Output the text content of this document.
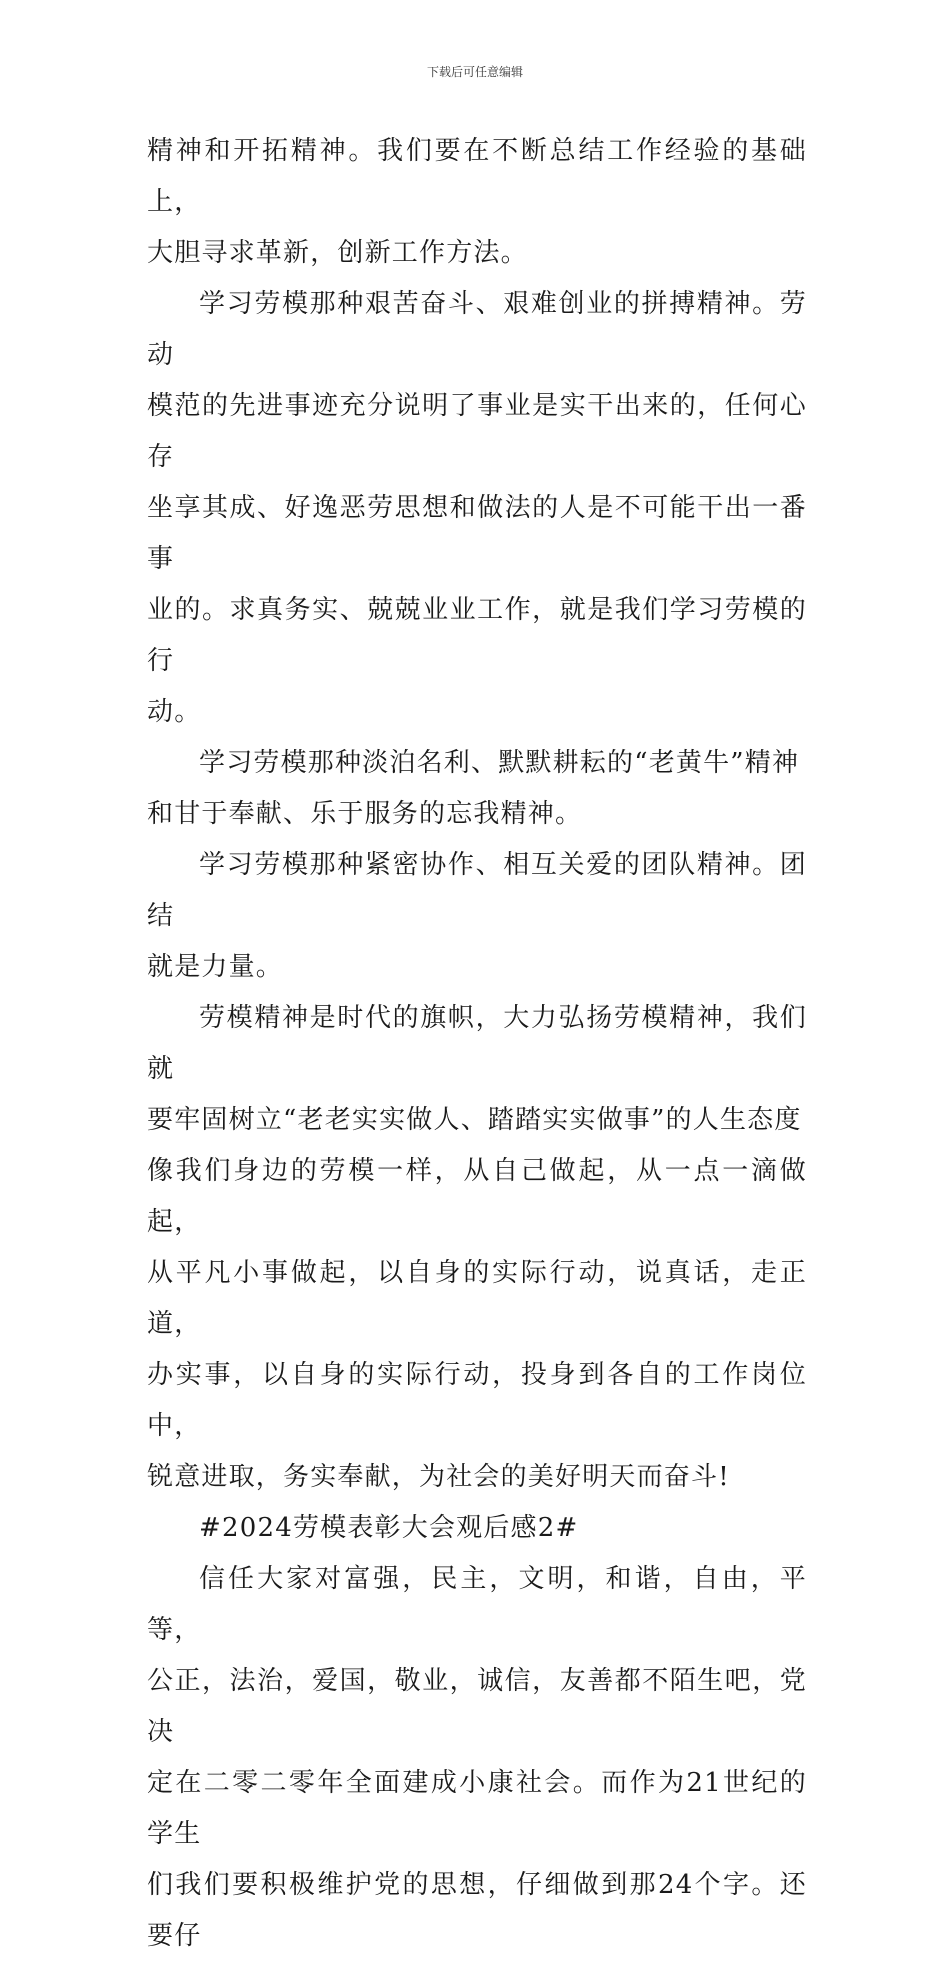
下载后可任意编辑

精神和开拓精神。我们要在不断总结工作经验的基础上，
大胆寻求革新，创新工作方法。

学习劳模那种艰苦奋斗、艰难创业的拼搏精神。劳动
模范的先进事迹充分说明了事业是实干出来的，任何心存
坐享其成、好逸恶劳思想和做法的人是不可能干出一番事
业的。求真务实、兢兢业业工作，就是我们学习劳模的行
动。

学习劳模那种淡泊名利、默默耕耘的“老黄牛”精神
和甘于奉献、乐于服务的忘我精神。

学习劳模那种紧密协作、相互关爱的团队精神。团结
就是力量。

劳模精神是时代的旗帜，大力弘扬劳模精神，我们就
要牢固树立“老老实实做人、踏踏实实做事”的人生态度
像我们身边的劳模一样，从自己做起，从一点一滴做起，
从平凡小事做起，以自身的实际行动，说真话，走正道，
办实事，以自身的实际行动，投身到各自的工作岗位中，
锐意进取，务实奉献，为社会的美好明天而奋斗!

#2024劳模表彰大会观后感2#

信任大家对富强，民主，文明，和谐，自由，平等，
公正，法治，爱国，敬业，诚信，友善都不陌生吧，党决
定在二零二零年全面建成小康社会。而作为21世纪的学生
们我们要积极维护党的思想，仔细做到那24个字。还要仔
